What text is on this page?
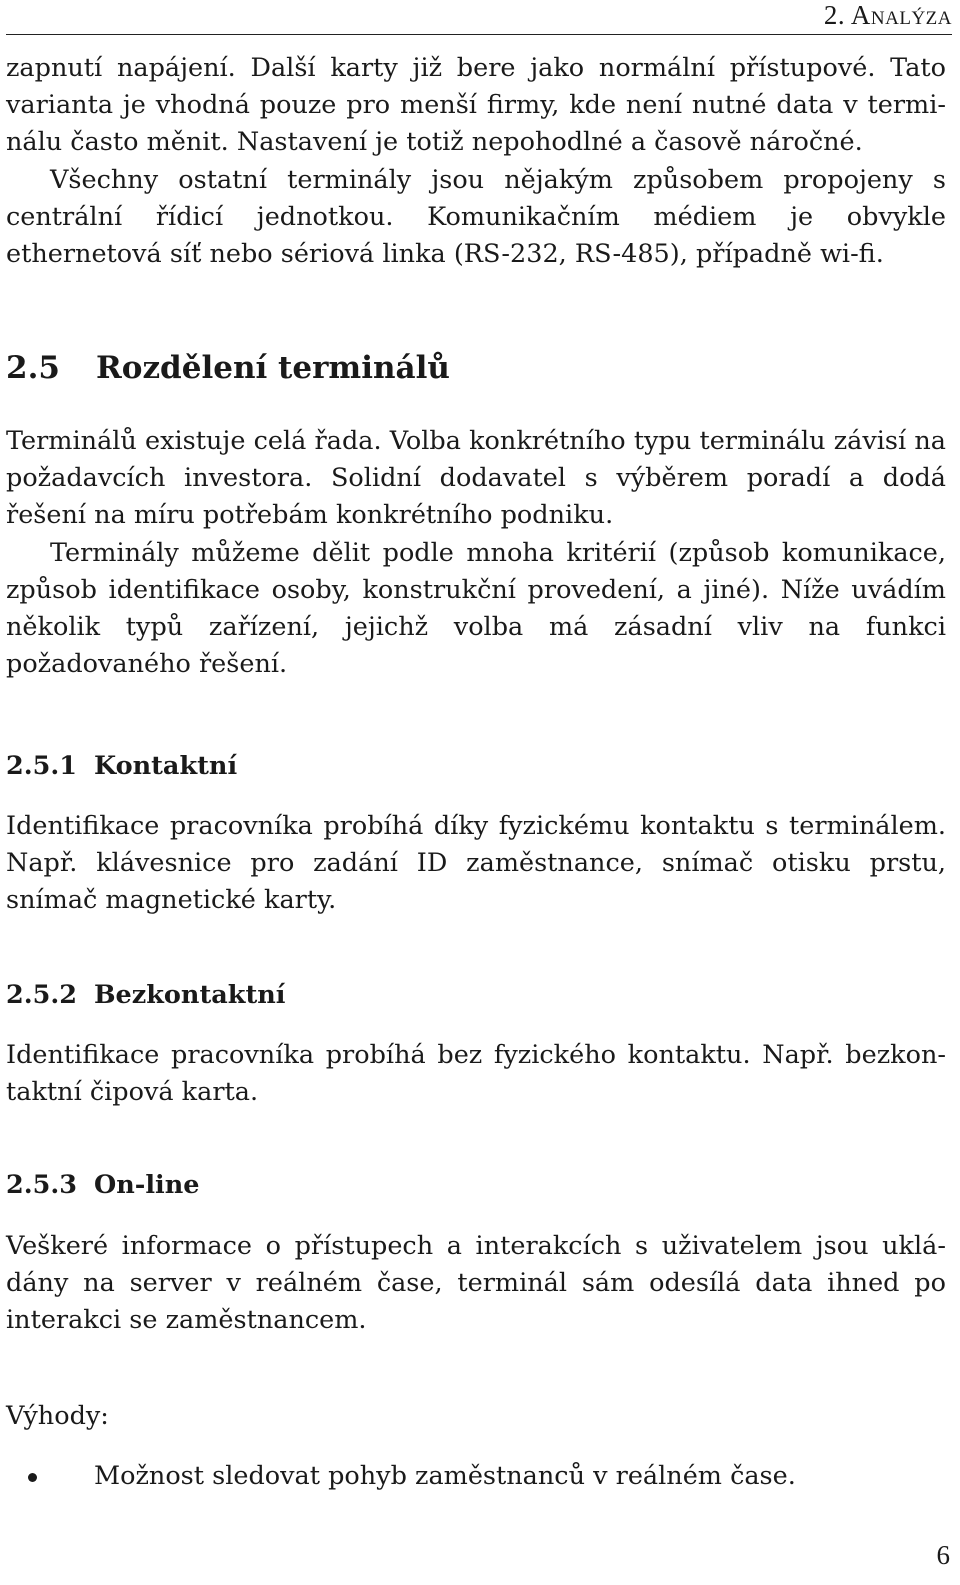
2. Analýza

zapnutí napájení. Další karty již bere jako normální přístupové. Tato varianta je vhodná pouze pro menší firmy, kde není nutné data v terminálu často měnit. Nastavení je totiž nepohodlné a časově náročné.

Všechny ostatní terminály jsou nějakým způsobem propojeny s centrální řídicí jednotkou. Komunikačním médiem je obvykle ethernetová síť nebo sériová linka (RS-232, RS-485), případně wi-fi.

2.5 Rozdělení terminálů

Terminálů existuje celá řada. Volba konkrétního typu terminálu závisí na požadavcích investora. Solidní dodavatel s výběrem poradí a dodá řešení na míru potřebám konkrétního podniku.

Terminály můžeme dělit podle mnoha kritérií (způsob komunikace, způsob identifikace osoby, konstrukční provedení, a jiné). Níže uvádím několik typů zařízení, jejichž volba má zásadní vliv na funkci požadovaného řešení.

2.5.1 Kontaktní

Identifikace pracovníka probíhá díky fyzickému kontaktu s terminálem. Např. klávesnice pro zadání ID zaměstnance, snímač otisku prstu, snímač magnetické karty.

2.5.2 Bezkontaktní

Identifikace pracovníka probíhá bez fyzického kontaktu. Např. bezkontaktní čipová karta.

2.5.3 On-line

Veškeré informace o přístupech a interakcích s uživatelem jsou ukládány na server v reálném čase, terminál sám odesílá data ihned po interakci se zaměstnancem.

Výhody:

Možnost sledovat pohyb zaměstnanců v reálném čase.
6
